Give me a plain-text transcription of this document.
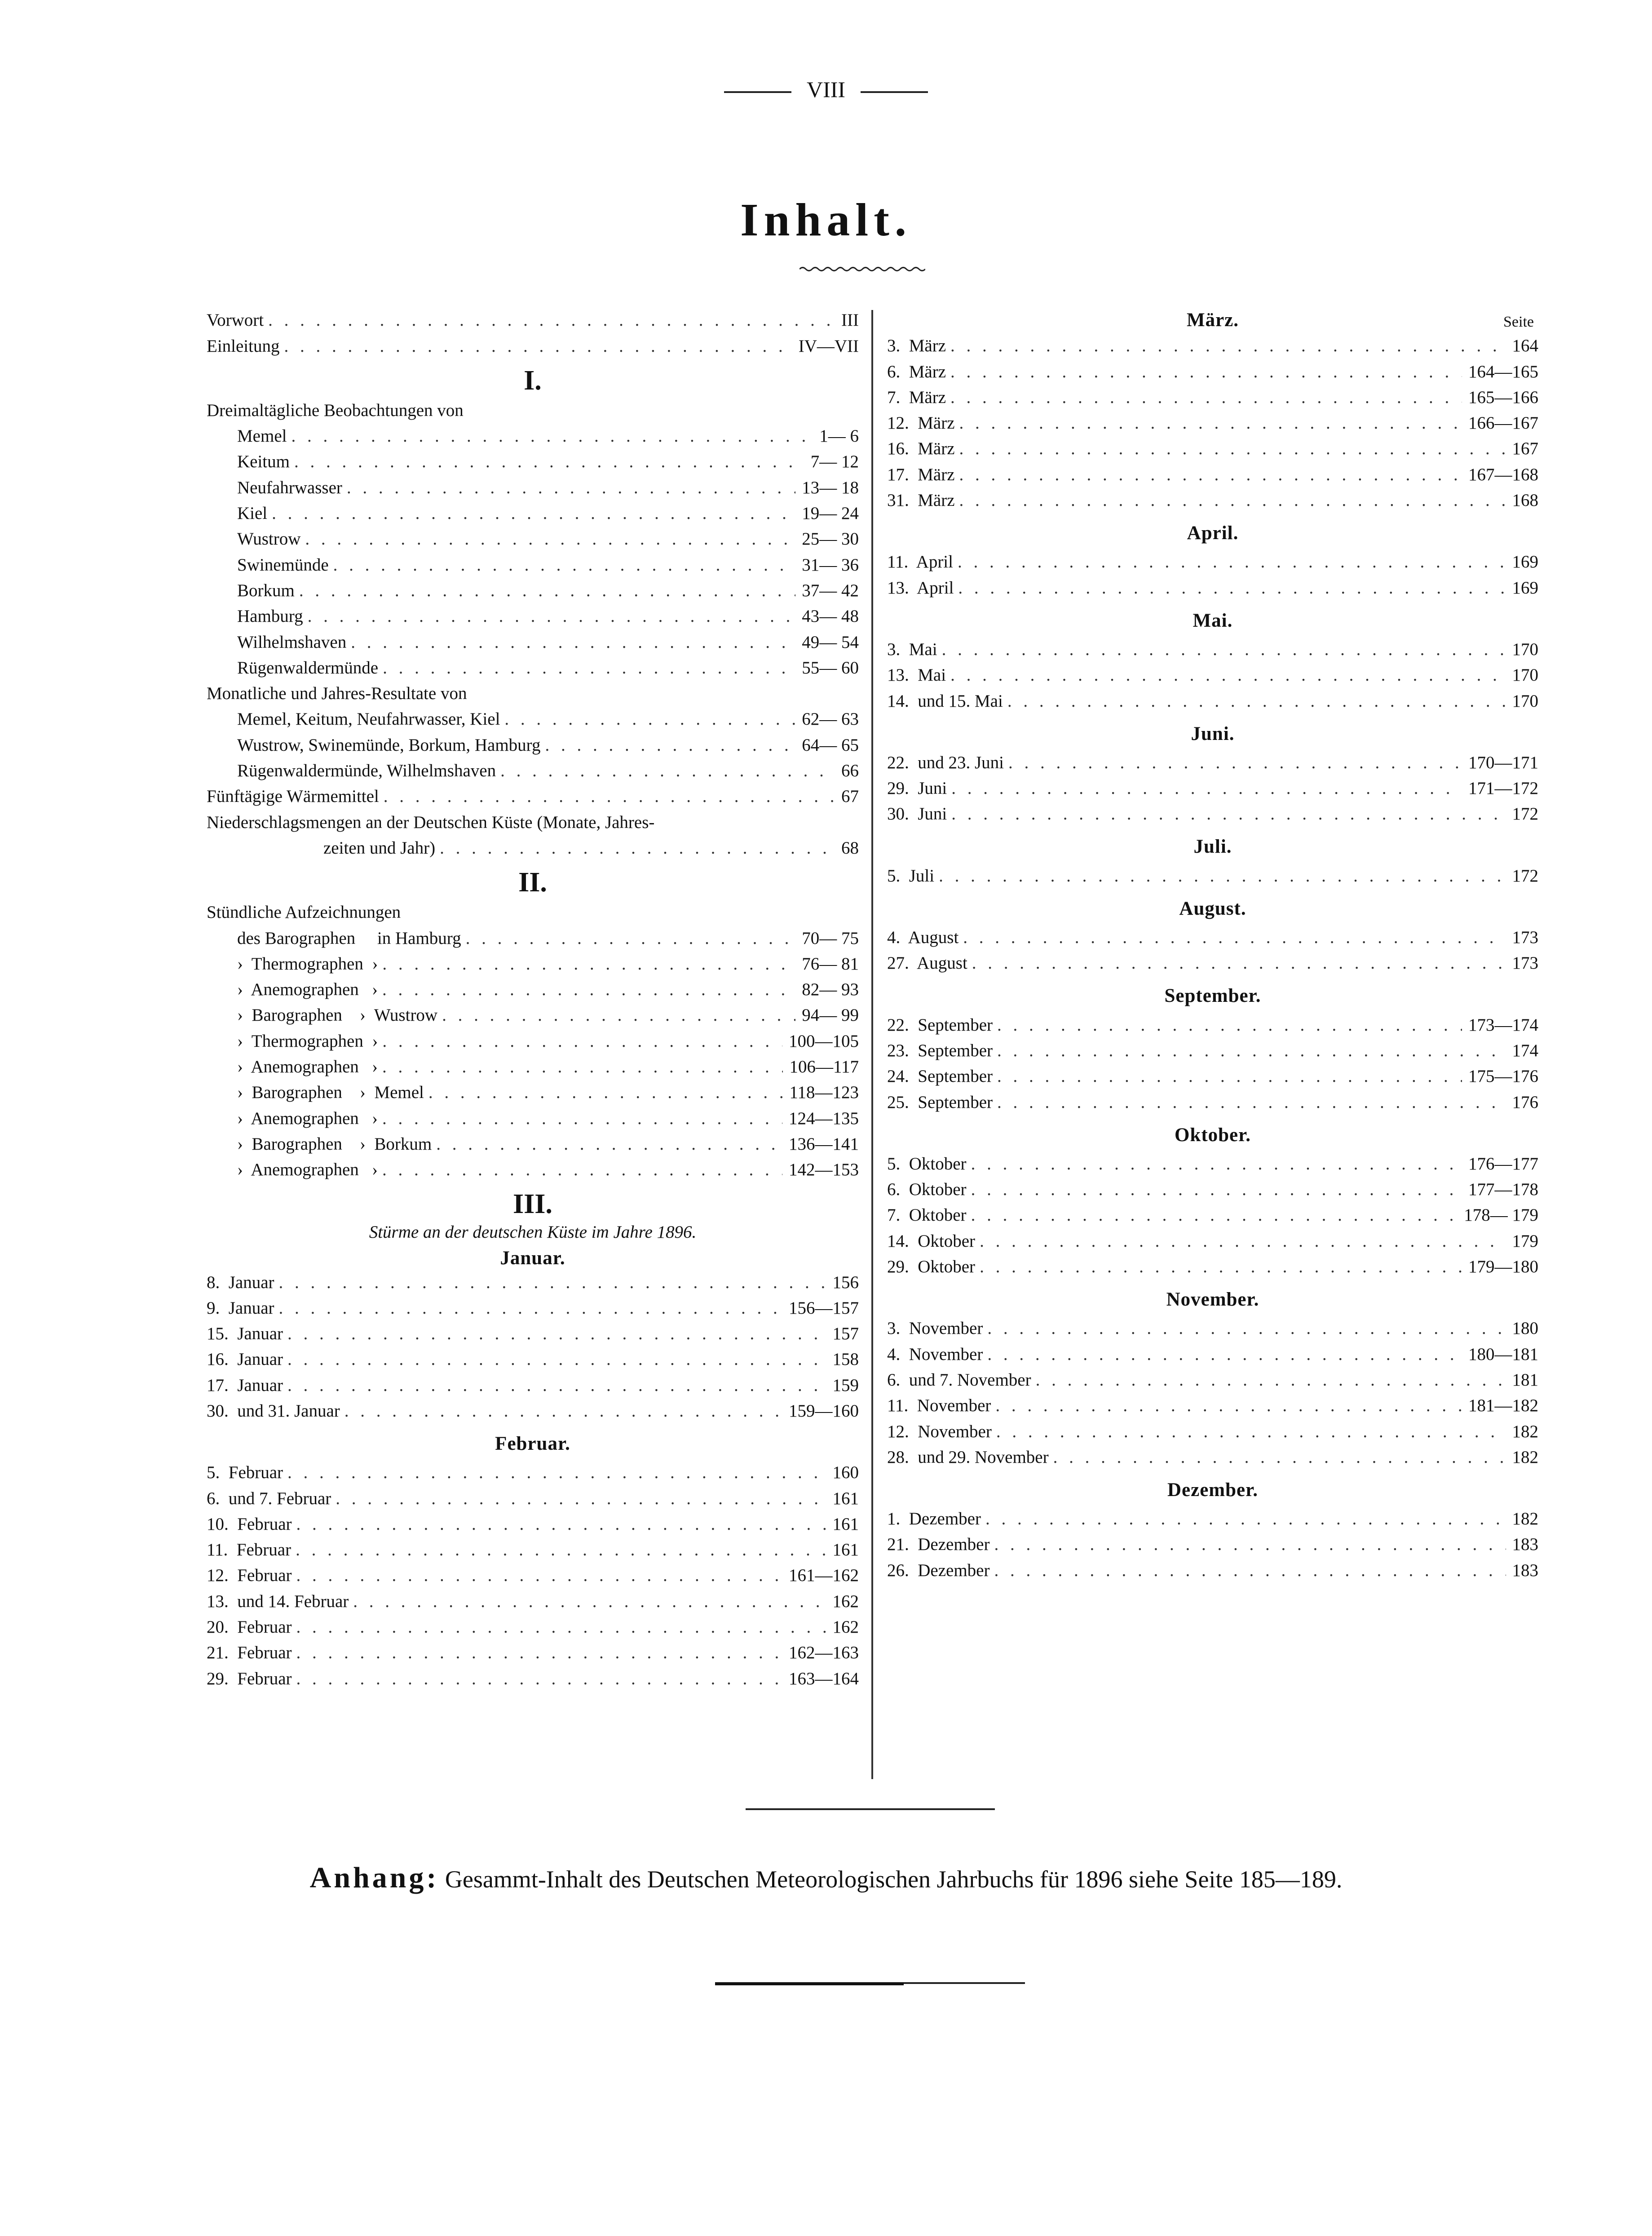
VIII
Inhalt.
Vorwort . . .	III
Einleitung . . .	IV—VII
I.
Dreimaltägliche Beobachtungen von
Memel . . .	1— 6
Keitum . . .	7— 12
Neufahrwasser . . .	13— 18
Kiel . . .	19— 24
Wustrow . . .	25— 30
Swinemünde . . .	31— 36
Borkum . . .	37— 42
Hamburg . . .	43— 48
Wilhelmshaven . . .	49— 54
Rügenwaldermünde . . .	55— 60
Monatliche und Jahres-Resultate von
Memel, Keitum, Neufahrwasser, Kiel . . .	62— 63
Wustrow, Swinemünde, Borkum, Hamburg . . .	64— 65
Rügenwaldermünde, Wilhelmshaven . . .	66
Fünftägige Wärmemittel . . .	67
Niederschlagsmengen an der Deutschen Küste (Monate, Jahres-
zeiten und Jahr) . . .	68
II.
Stündliche Aufzeichnungen
des Barographen     in Hamburg . . .	70— 75
›  Thermographen  › . . .	76— 81
›  Anemographen   › . . .	82— 93
›  Barographen    ›  Wustrow . . .	94— 99
›  Thermographen  › . . .	100—105
›  Anemographen   › . . .	106—117
›  Barographen    ›  Memel . . .	118—123
›  Anemographen   › . . .	124—135
›  Barographen    ›  Borkum . . .	136—141
›  Anemographen   › . . .	142—153
III.
Stürme an der deutschen Küste im Jahre 1896.
Januar.
8.  Januar . . .	156
9.  Januar . . .	156—157
15.  Januar . . .	157
16.  Januar . . .	158
17.  Januar . . .	159
30.  und 31. Januar . . .	159—160
Februar.
5.  Februar . . .	160
6.  und 7. Februar . . .	161
10.  Februar . . .	161
11.  Februar . . .	161
12.  Februar . . .	161—162
13.  und 14. Februar . . .	162
20.  Februar . . .	162
21.  Februar . . .	162—163
29.  Februar . . .	163—164
März.	Seite
3.  März . . .	164
6.  März . . .	164—165
7.  März . . .	165—166
12.  März . . .	166—167
16.  März . . .	167
17.  März . . .	167—168
31.  März . . .	168
April.
11.  April . . .	169
13.  April . . .	169
Mai.
3.  Mai . . .	170
13.  Mai . . .	170
14.  und 15. Mai . . .	170
Juni.
22.  und 23. Juni . . .	170—171
29.  Juni . . .	171—172
30.  Juni . . .	172
Juli.
5.  Juli . . .	172
August.
4.  August . . .	173
27.  August . . .	173
September.
22.  September . . .	173—174
23.  September . . .	174
24.  September . . .	175—176
25.  September . . .	176
Oktober.
5.  Oktober . . .	176—177
6.  Oktober . . .	177—178
7.  Oktober . . .	178— 179
14.  Oktober . . .	179
29.  Oktober . . .	179—180
November.
3.  November . . .	180
4.  November . . .	180—181
6.  und 7. November . . .	181
11.  November . . .	181—182
12.  November . . .	182
28.  und 29. November . . .	182
Dezember.
1.  Dezember . . .	182
21.  Dezember . . .	183
26.  Dezember . . .	183
Anhang: Gesammt-Inhalt des Deutschen Meteorologischen Jahrbuchs für 1896 siehe Seite 185—189.
